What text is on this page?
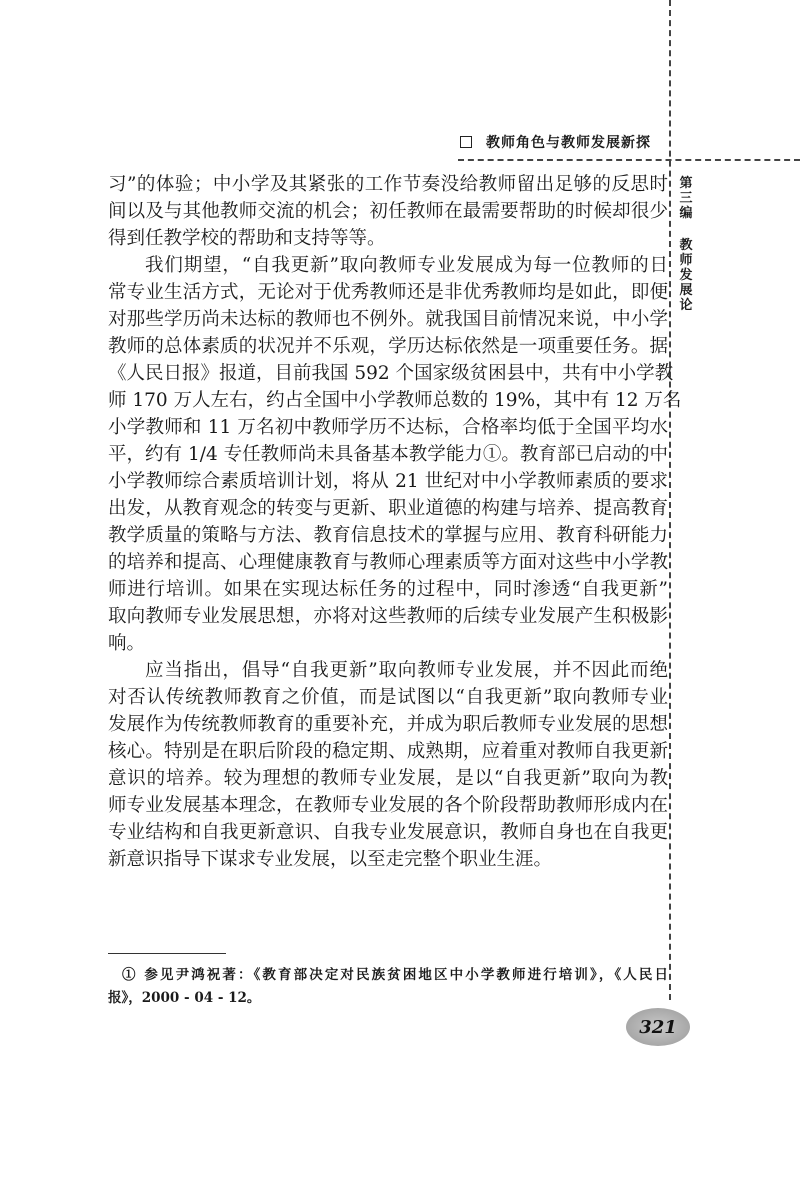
教师角色与教师发展新探
第三编
教师发展论
习”的体验；中小学及其紧张的工作节奏没给教师留出足够的反思时
间以及与其他教师交流的机会；初任教师在最需要帮助的时候却很少
得到任教学校的帮助和支持等等。
我们期望，“自我更新”取向教师专业发展成为每一位教师的日
常专业生活方式，无论对于优秀教师还是非优秀教师均是如此，即便
对那些学历尚未达标的教师也不例外。就我国目前情况来说，中小学
教师的总体素质的状况并不乐观，学历达标依然是一项重要任务。据
《人民日报》报道，目前我国 592 个国家级贫困县中，共有中小学教
师 170 万人左右，约占全国中小学教师总数的 19%，其中有 12 万名
小学教师和 11 万名初中教师学历不达标，合格率均低于全国平均水
平，约有 1/4 专任教师尚未具备基本教学能力①。教育部已启动的中
小学教师综合素质培训计划，将从 21 世纪对中小学教师素质的要求
出发，从教育观念的转变与更新、职业道德的构建与培养、提高教育
教学质量的策略与方法、教育信息技术的掌握与应用、教育科研能力
的培养和提高、心理健康教育与教师心理素质等方面对这些中小学教
师进行培训。如果在实现达标任务的过程中，同时渗透“自我更新”
取向教师专业发展思想，亦将对这些教师的后续专业发展产生积极影
响。
应当指出，倡导“自我更新”取向教师专业发展，并不因此而绝
对否认传统教师教育之价值，而是试图以“自我更新”取向教师专业
发展作为传统教师教育的重要补充，并成为职后教师专业发展的思想
核心。特别是在职后阶段的稳定期、成熟期，应着重对教师自我更新
意识的培养。较为理想的教师专业发展，是以“自我更新”取向为教
师专业发展基本理念，在教师专业发展的各个阶段帮助教师形成内在
专业结构和自我更新意识、自我专业发展意识，教师自身也在自我更
新意识指导下谋求专业发展，以至走完整个职业生涯。
① 参见尹鸿祝著：《教育部决定对民族贫困地区中小学教师进行培训》，《人民日
报》，2000 - 04 - 12。
321
